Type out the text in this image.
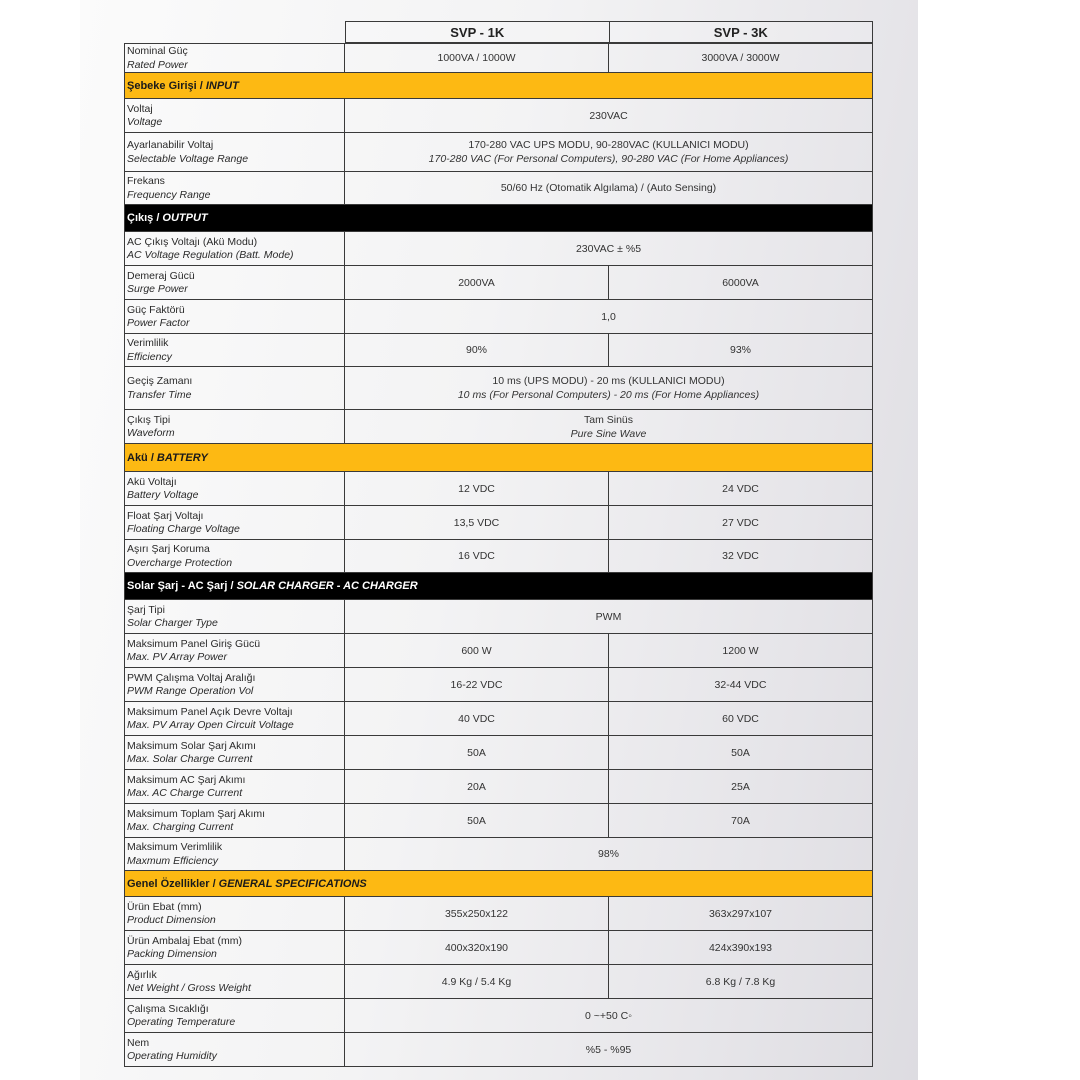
SVP - 1K	SVP - 3K
Nominal Güç
Rated Power
1000VA / 1000W	3000VA / 3000W
Şebeke Girişi / INPUT
Voltaj
Voltage
230VAC
Ayarlanabilir Voltaj
Selectable Voltage Range
170-280 VAC UPS MODU, 90-280VAC (KULLANICI MODU)
170-280 VAC (For Personal Computers), 90-280 VAC (For Home Appliances)
Frekans
Frequency Range
50/60 Hz (Otomatik Algılama) / (Auto Sensing)
Çıkış / OUTPUT
AC Çıkış Voltajı (Akü Modu)
AC Voltage Regulation (Batt. Mode)
230VAC ± %5
Demeraj Gücü
Surge Power
2000VA	6000VA
Güç Faktörü
Power Factor
1,0
Verimlilik
Efficiency
90%	93%
Geçiş Zamanı
Transfer Time
10 ms (UPS MODU) - 20 ms (KULLANICI MODU)
10 ms (For Personal Computers) - 20 ms (For Home Appliances)
Çıkış Tipi
Waveform
Tam Sinüs
Pure Sine Wave
Akü / BATTERY
Akü Voltajı
Battery Voltage
12 VDC	24 VDC
Float Şarj Voltajı
Floating Charge Voltage
13,5 VDC	27 VDC
Aşırı Şarj Koruma
Overcharge Protection
16 VDC	32 VDC
Solar Şarj - AC Şarj / SOLAR CHARGER - AC CHARGER
Şarj Tipi
Solar Charger Type
PWM
Maksimum Panel Giriş Gücü
Max. PV Array Power
600 W	1200 W
PWM Çalışma Voltaj Aralığı
PWM Range Operation Vol
16-22 VDC	32-44 VDC
Maksimum Panel Açık Devre Voltajı
Max. PV Array Open Circuit Voltage
40 VDC	60 VDC
Maksimum Solar Şarj Akımı
Max. Solar Charge Current
50A	50A
Maksimum AC Şarj Akımı
Max. AC Charge Current
20A	25A
Maksimum Toplam Şarj Akımı
Max. Charging Current
50A	70A
Maksimum Verimlilik
Maxmum Efficiency
98%
Genel Özellikler / GENERAL SPECIFICATIONS
Ürün Ebat (mm)
Product Dimension
355x250x122	363x297x107
Ürün Ambalaj Ebat (mm)
Packing Dimension
400x320x190	424x390x193
Ağırlık
Net Weight / Gross Weight
4.9 Kg / 5.4 Kg	6.8 Kg / 7.8 Kg
Çalışma Sıcaklığı
Operating Temperature
0 ~+50 C◦
Nem
Operating Humidity
%5 - %95
